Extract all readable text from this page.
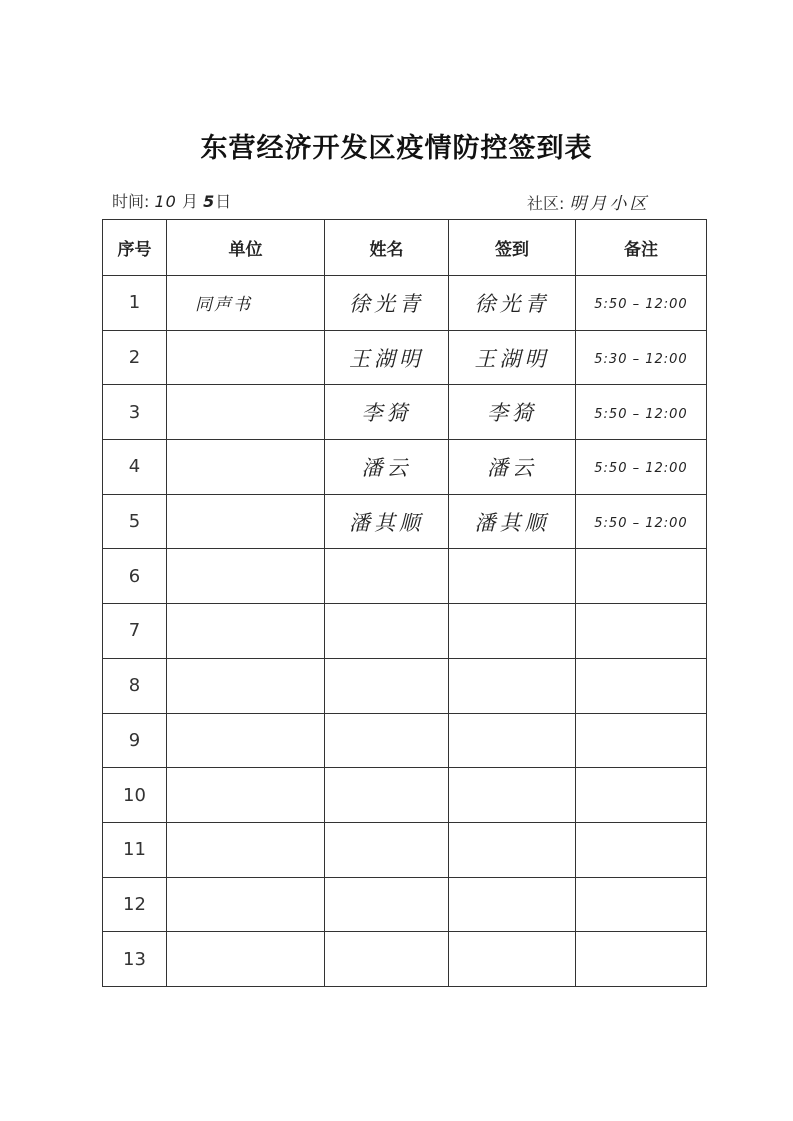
东营经济开发区疫情防控签到表
时间: 10 月 5日	社区: 明月小区
序号	单位	姓名	签到	备注
1	同声书	徐光青	徐光青	5:50 – 12:00
2		王湖明	王湖明	5:30 – 12:00
3		李猗	李猗	5:50 – 12:00
4		潘云	潘云	5:50 – 12:00
5		潘其顺	潘其顺	5:50 – 12:00
6				
7				
8				
9				
10				
11				
12				
13				
